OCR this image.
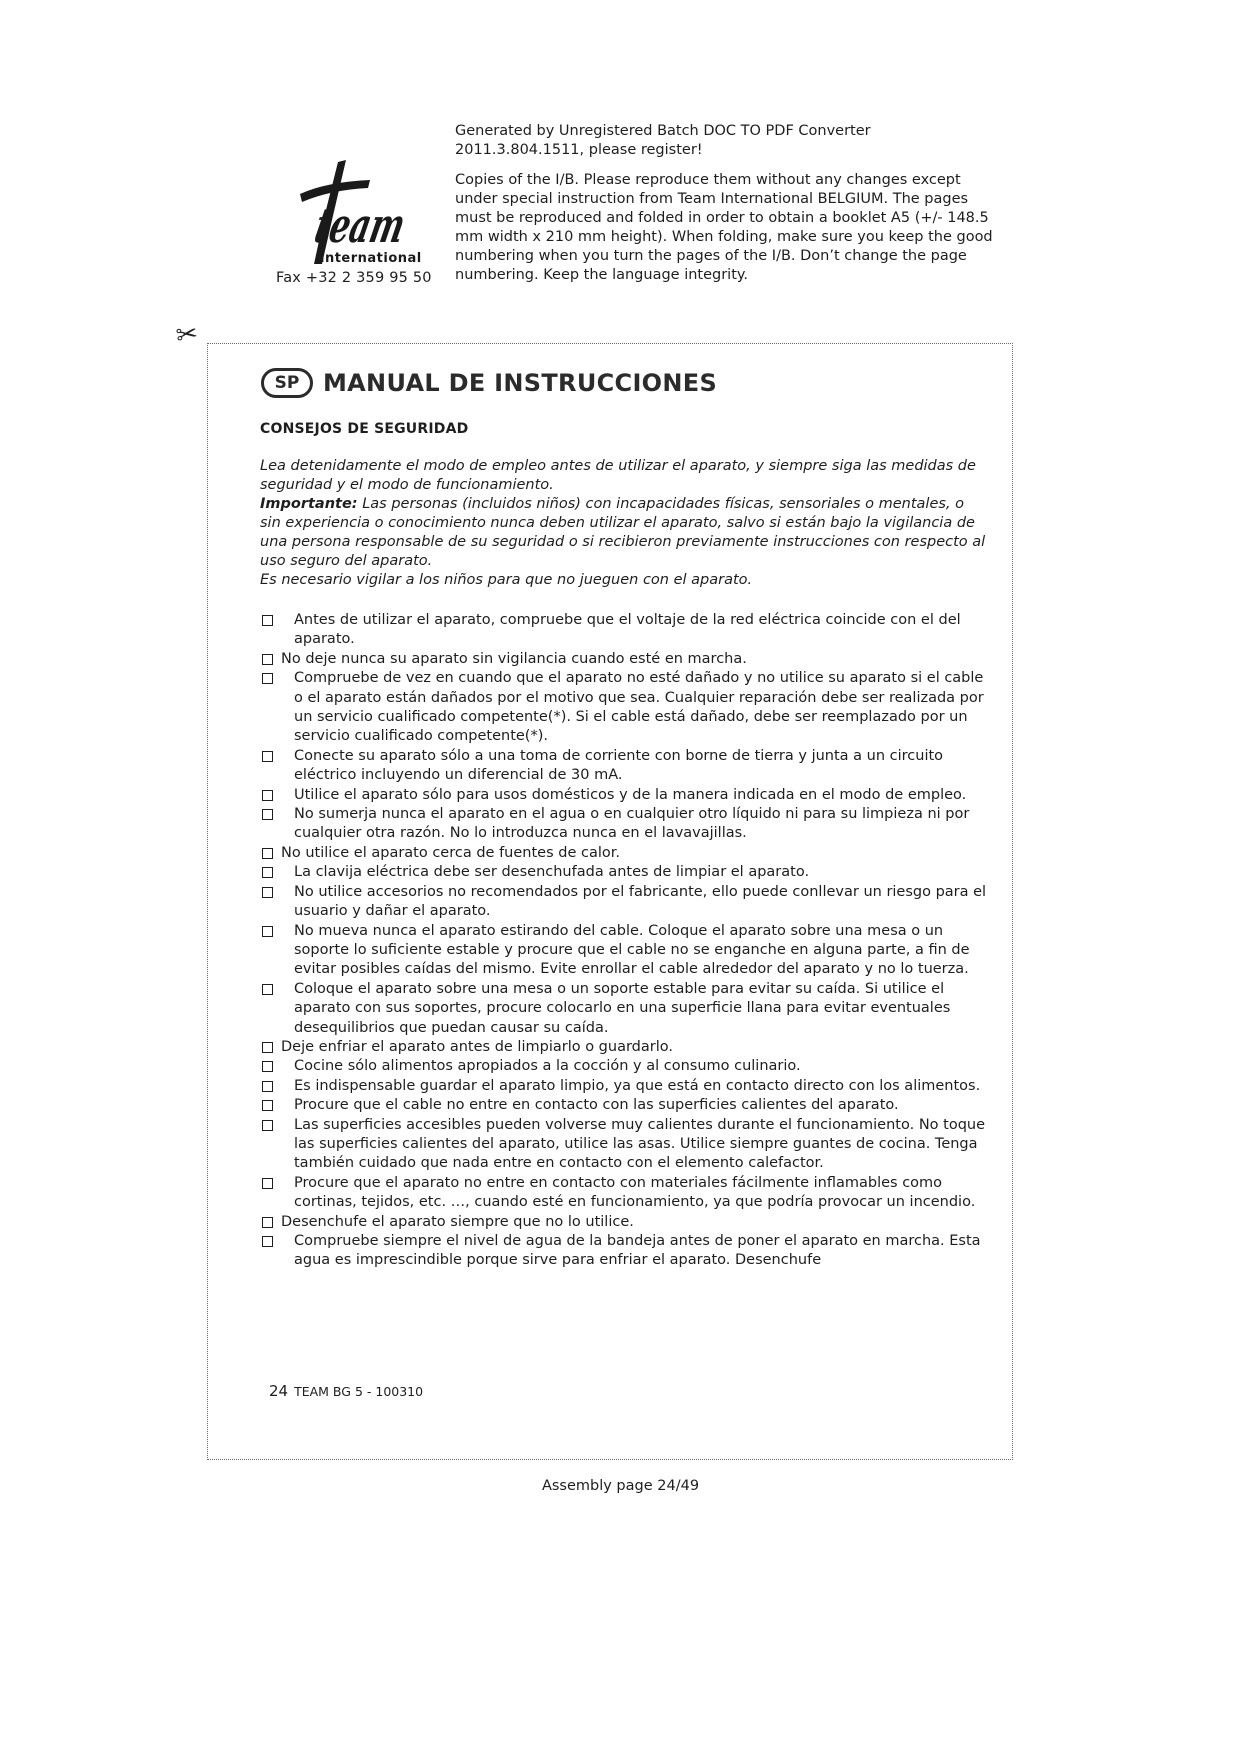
team
international
Fax +32 2 359 95 50

Generated by Unregistered Batch DOC TO PDF Converter 2011.3.804.1511, please register!

Copies of the I/B. Please reproduce them without any changes except under special instruction from Team International BELGIUM. The pages must be reproduced and folded in order to obtain a booklet A5 (+/- 148.5 mm width x 210 mm height). When folding, make sure you keep the good numbering when you turn the pages of the I/B. Don’t change the page numbering. Keep the language integrity.

✂
SP MANUAL DE INSTRUCCIONES
CONSEJOS DE SEGURIDAD

Lea detenidamente el modo de empleo antes de utilizar el aparato, y siempre siga las medidas de seguridad y el modo de funcionamiento.

Importante: Las personas (incluidos niños) con incapacidades físicas, sensoriales o mentales, o sin experiencia o conocimiento nunca deben utilizar el aparato, salvo si están bajo la vigilancia de una persona responsable de su seguridad o si recibieron previamente instrucciones con respecto al uso seguro del aparato.

Es necesario vigilar a los niños para que no jueguen con el aparato.

Antes de utilizar el aparato, compruebe que el voltaje de la red eléctrica coincide con el del aparato.
No deje nunca su aparato sin vigilancia cuando esté en marcha.
Compruebe de vez en cuando que el aparato no esté dañado y no utilice su aparato si el cable o el aparato están dañados por el motivo que sea. Cualquier reparación debe ser realizada por un servicio cualificado competente(*). Si el cable está dañado, debe ser reemplazado por un servicio cualificado competente(*).
Conecte su aparato sólo a una toma de corriente con borne de tierra y junta a un circuito eléctrico incluyendo un diferencial de 30 mA.
Utilice el aparato sólo para usos domésticos y de la manera indicada en el modo de empleo.
No sumerja nunca el aparato en el agua o en cualquier otro líquido ni para su limpieza ni por cualquier otra razón. No lo introduzca nunca en el lavavajillas.
No utilice el aparato cerca de fuentes de calor.
La clavija eléctrica debe ser desenchufada antes de limpiar el aparato.
No utilice accesorios no recomendados por el fabricante, ello puede conllevar un riesgo para el usuario y dañar el aparato.
No mueva nunca el aparato estirando del cable. Coloque el aparato sobre una mesa o un soporte lo suficiente estable y procure que el cable no se enganche en alguna parte, a fin de evitar posibles caídas del mismo. Evite enrollar el cable alrededor del aparato y no lo tuerza.
Coloque el aparato sobre una mesa o un soporte estable para evitar su caída. Si utilice el aparato con sus soportes, procure colocarlo en una superficie llana para evitar eventuales desequilibrios que puedan causar su caída.
Deje enfriar el aparato antes de limpiarlo o guardarlo.
Cocine sólo alimentos apropiados a la cocción y al consumo culinario.
Es indispensable guardar el aparato limpio, ya que está en contacto directo con los alimentos.
Procure que el cable no entre en contacto con las superficies calientes del aparato.
Las superficies accesibles pueden volverse muy calientes durante el funcionamiento. No toque las superficies calientes del aparato, utilice las asas. Utilice siempre guantes de cocina. Tenga también cuidado que nada entre en contacto con el elemento calefactor.
Procure que el aparato no entre en contacto con materiales fácilmente inflamables como cortinas, tejidos, etc. …, cuando esté en funcionamiento, ya que podría provocar un incendio.
Desenchufe el aparato siempre que no lo utilice.
Compruebe siempre el nivel de agua de la bandeja antes de poner el aparato en marcha. Esta agua es imprescindible porque sirve para enfriar el aparato. Desenchufe
24 TEAM BG 5 - 100310
Assembly page 24/49
